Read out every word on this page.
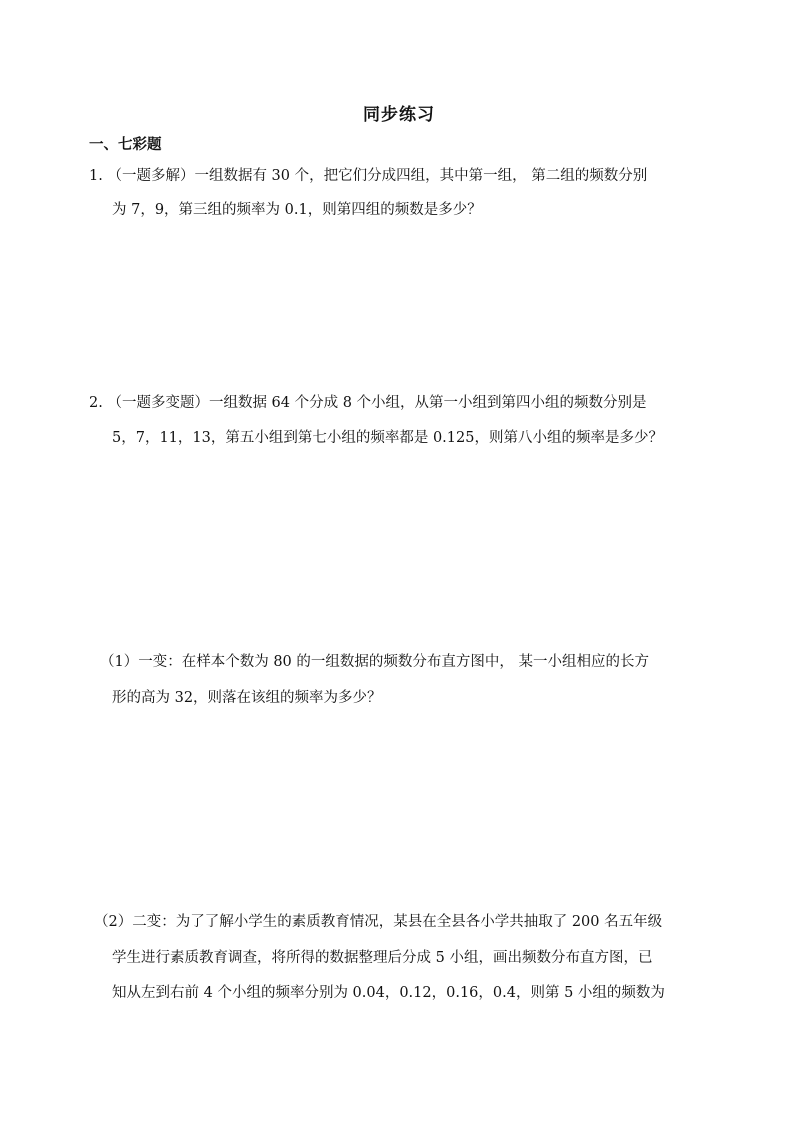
同步练习
一、七彩题
1. （一题多解）一组数据有 30 个，把它们分成四组，其中第一组， 第二组的频数分别
为 7，9，第三组的频率为 0.1，则第四组的频数是多少？
2. （一题多变题）一组数据 64 个分成 8 个小组，从第一小组到第四小组的频数分别是
5，7，11，13，第五小组到第七小组的频率都是 0.125，则第八小组的频率是多少？
（1）一变：在样本个数为 80 的一组数据的频数分布直方图中， 某一小组相应的长方
形的高为 32，则落在该组的频率为多少？
（2）二变：为了了解小学生的素质教育情况，某县在全县各小学共抽取了 200 名五年级
学生进行素质教育调查，将所得的数据整理后分成 5 小组，画出频数分布直方图，已
知从左到右前 4 个小组的频率分别为 0.04，0.12，0.16，0.4，则第 5 小组的频数为
